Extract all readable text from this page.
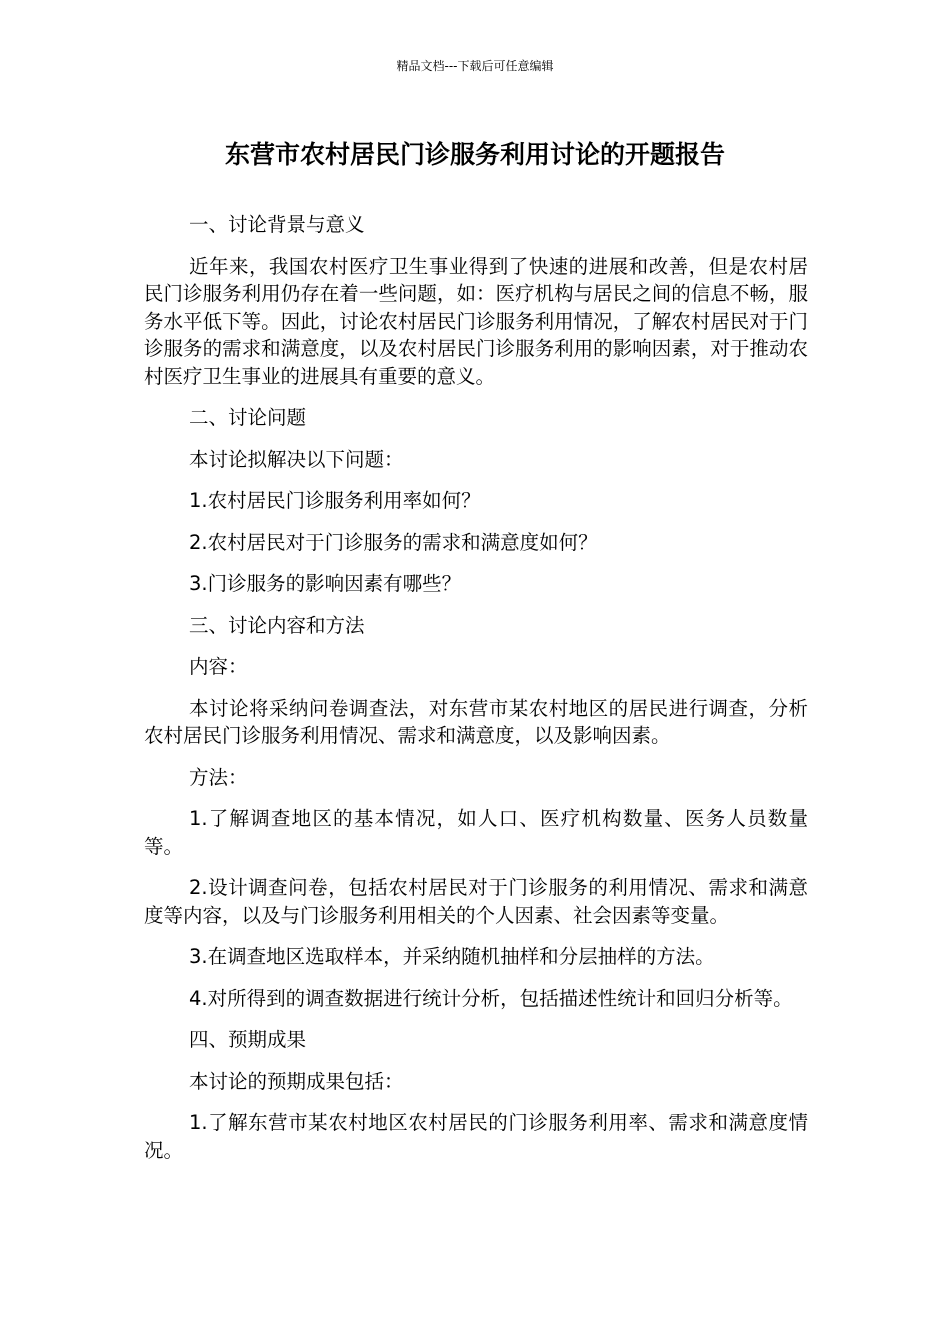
精品文档---下载后可任意编辑
东营市农村居民门诊服务利用讨论的开题报告

一、讨论背景与意义

近年来，我国农村医疗卫生事业得到了快速的进展和改善，但是农村居民门诊服务利用仍存在着一些问题，如：医疗机构与居民之间的信息不畅，服务水平低下等。因此，讨论农村居民门诊服务利用情况，了解农村居民对于门诊服务的需求和满意度，以及农村居民门诊服务利用的影响因素，对于推动农村医疗卫生事业的进展具有重要的意义。

二、讨论问题

本讨论拟解决以下问题：

1.农村居民门诊服务利用率如何？

2.农村居民对于门诊服务的需求和满意度如何？

3.门诊服务的影响因素有哪些？

三、讨论内容和方法

内容：

本讨论将采纳问卷调查法，对东营市某农村地区的居民进行调查，分析农村居民门诊服务利用情况、需求和满意度，以及影响因素。

方法：

1.了解调查地区的基本情况，如人口、医疗机构数量、医务人员数量等。

2.设计调查问卷，包括农村居民对于门诊服务的利用情况、需求和满意度等内容，以及与门诊服务利用相关的个人因素、社会因素等变量。

3.在调查地区选取样本，并采纳随机抽样和分层抽样的方法。

4.对所得到的调查数据进行统计分析，包括描述性统计和回归分析等。

四、预期成果

本讨论的预期成果包括：

1.了解东营市某农村地区农村居民的门诊服务利用率、需求和满意度情况。
